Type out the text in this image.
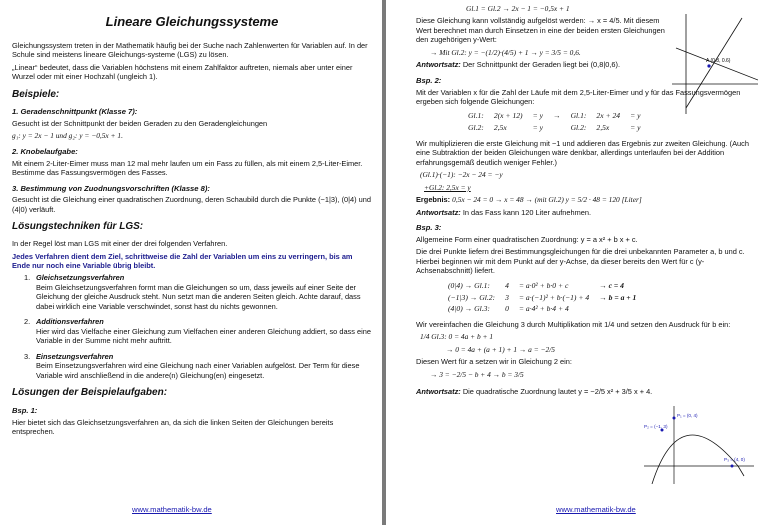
Lineare Gleichungssysteme

Gleichungssystem treten in der Mathematik häufig bei der Suche nach Zahlenwerten für Variablen auf. In der Schule sind meistens lineare Gleichungs-systeme (LGS) zu lösen.

„Linear“ bedeutet, dass die Variablen höchstens mit einem Zahlfaktor auftreten, niemals aber unter einer Wurzel oder mit einer Hochzahl (ungleich 1).

Beispiele:
1. Geradenschnittpunkt (Klasse 7):

Gesucht ist der Schnittpunkt der beiden Geraden zu den Geradengleichungen

g₁: y = 2x − 1 und g₂: y = −0,5x + 1.

2. Knobelaufgabe:

Mit einem 2-Liter-Eimer muss man 12 mal mehr laufen um ein Fass zu füllen, als mit einem 2,5-Liter-Eimer. Bestimme das Fassungsvermögen des Fasses.

3. Bestimmung von Zuodnungsvorschriften (Klasse 8):

Gesucht ist die Gleichung einer quadratischen Zuordnung, deren Schaubild durch die Punkte (−1|3), (0|4) und (4|0) verläuft.

Lösungstechniken für LGS:

In der Regel löst man LGS mit einer der drei folgenden Verfahren.

Jedes Verfahren dient dem Ziel, schrittweise die Zahl der Variablen um eins zu verringern, bis am Ende nur noch eine Variable übrig bleibt.

1. Gleichsetzungsverfahren
Beim Gleichsetzungsverfahren formt man die Gleichungen so um, dass jeweils auf einer Seite der Gleichung der gleiche Ausdruck steht. Nun setzt man die anderen Seiten gleich. Achte darauf, dass dabei wirklich eine Variable verschwindet, sonst hast du nichts gewonnen.
2. Additionsverfahren
Hier wird das Vielfache einer Gleichung zum Vielfachen einer anderen Gleichung addiert, so dass eine Variable in der Summe nicht mehr auftritt.
3. Einsetzungsverfahren
Beim Einsetzungsverfahren wird eine Gleichung nach einer Variablen aufgelöst. Der Term für diese Variable wird anschließend in die andere(n) Gleichung(en) eingesetzt.
Lösungen der Beispielaufgaben:
Bsp. 1:

Hier bietet sich das Gleichsetzungsverfahren an, da sich die linken Seiten der Gleichungen bereits entsprechen.

www.mathematik-bw.de

Gl.1 = Gl.2 → 2x − 1 = −0,5x + 1

Diese Gleichung kann vollständig aufgelöst werden: → x = 4/5. Mit diesem Wert berechnet man durch Einsetzen in eine der beiden ersten Gleichungen den zugehörigen y-Wert:

→ Mit Gl.2: y = −(1/2)·(4/5) + 1 → y = 3/5 = 0,6.

Antwortsatz: Der Schnittpunkt der Geraden liegt bei (0,8|0,6).	A (0.8, 0.6)
Bsp. 2:

Mit der Variablen x für die Zahl der Läufe mit dem 2,5-Liter-Eimer und y für das Fassungsvermögen ergeben sich folgende Gleichungen:

Gl.1:	2(x + 12)	= y	→	Gl.1:	2x + 24	= y
Gl.2:	2,5x	= y		Gl.2:	2,5x	= y

Wir multiplizieren die erste Gleichung mit −1 und addieren das Ergebnis zur zweiten Gleichung. (Auch eine Subtraktion der beiden Gleichungen wäre denkbar, allerdings unterlaufen bei der Addition erfahrungsgemäß deutlich weniger Fehler.)

(Gl.1)·(−1): −2x − 24 = −y

+Gl.2: 2,5x = y

Ergebnis: 0,5x − 24 = 0 → x = 48 → (mit Gl.2) y = 5/2 · 48 = 120 [Liter]

Antwortsatz: In das Fass kann 120 Liter aufnehmen.

Bsp. 3:

Allgemeine Form einer quadratischen Zuordnung: y = a x² + b x + c.

Die drei Punkte liefern drei Bestimmungsgleichungen für die drei unbekannten Parameter a, b und c. Hierbei beginnen wir mit dem Punkt auf der y-Achse, da dieser bereits den Wert für c (y-Achsenabschnitt) liefert.

(0|4) → Gl.1:	4	= a·0² + b·0 + c	→ c = 4
(−1|3) → Gl.2:	3	= a·(−1)² + b·(−1) + 4	→ b = a + 1
(4|0) → Gl.3:	0	= a·4² + b·4 + 4	

Wir vereinfachen die Gleichung 3 durch Multiplikation mit 1/4 und setzen den Ausdruck für b ein:

1/4 Gl.3: 0 = 4a + b + 1

→ 0 = 4a + (a + 1) + 1 → a = −2/5

Diesen Wert für a setzen wir in Gleichung 2 ein:

→ 3 = −2/5 − b + 4 → b = 3/5

Antwortsatz: Die quadratische Zuordnung lautet y = −2/5 x² + 3/5 x + 4.

P₁ = (0, 4)
P₂ = (−1, 3)
P₃ = (4, 0)
www.mathematik-bw.de
